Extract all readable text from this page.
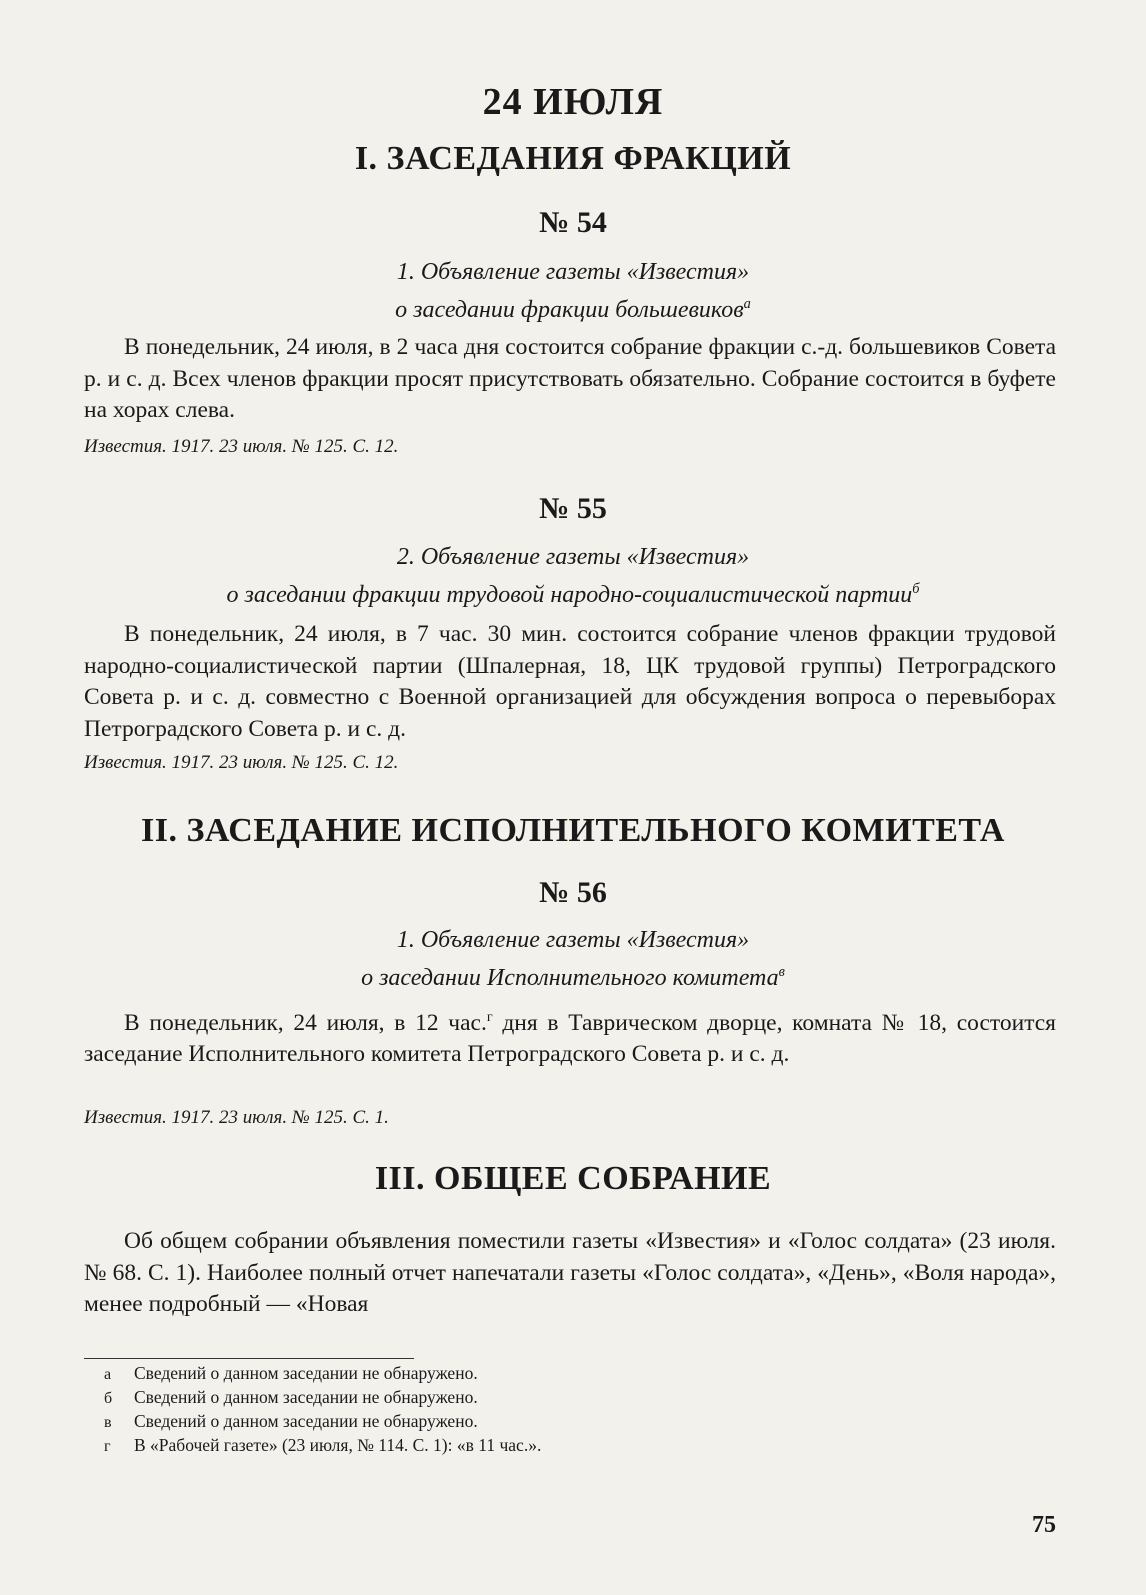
24 ИЮЛЯ
I. ЗАСЕДАНИЯ ФРАКЦИЙ
№ 54
1. Объявление газеты «Известия»
о заседании фракции большевиков$^а$
В понедельник, 24 июля, в 2 часа дня состоится собрание фракции с.-д. большевиков Совета р. и с. д. Всех членов фракции просят присутствовать обязательно. Собрание состоится в буфете на хорах слева.
Известия. 1917. 23 июля. № 125. С. 12.
№ 55
2. Объявление газеты «Известия»
о заседании фракции трудовой народно-социалистической партии$^б$
В понедельник, 24 июля, в 7 час. 30 мин. состоится собрание членов фракции трудовой народно-социалистической партии (Шпалерная, 18, ЦК трудовой группы) Петроградского Совета р. и с. д. совместно с Военной организацией для обсуждения вопроса о перевыборах Петроградского Совета р. и с. д.
Известия. 1917. 23 июля. № 125. С. 12.
II. ЗАСЕДАНИЕ ИСПОЛНИТЕЛЬНОГО КОМИТЕТА
№ 56
1. Объявление газеты «Известия»
о заседании Исполнительного комитета$^в$
В понедельник, 24 июля, в 12 час.$^г$ дня в Таврическом дворце, комната № 18, состоится заседание Исполнительного комитета Петроградского Совета р. и с. д.
Известия. 1917. 23 июля. № 125. С. 1.
III. ОБЩЕЕ СОБРАНИЕ
Об общем собрании объявления поместили газеты «Известия» и «Голос солдата» (23 июля. № 68. С. 1). Наиболее полный отчет напечатали газеты «Голос солдата», «День», «Воля народа», менее подробный — «Новая
а Сведений о данном заседании не обнаружено.
б Сведений о данном заседании не обнаружено.
в Сведений о данном заседании не обнаружено.
г В «Рабочей газете» (23 июля, № 114. С. 1): «в 11 час.».
75
